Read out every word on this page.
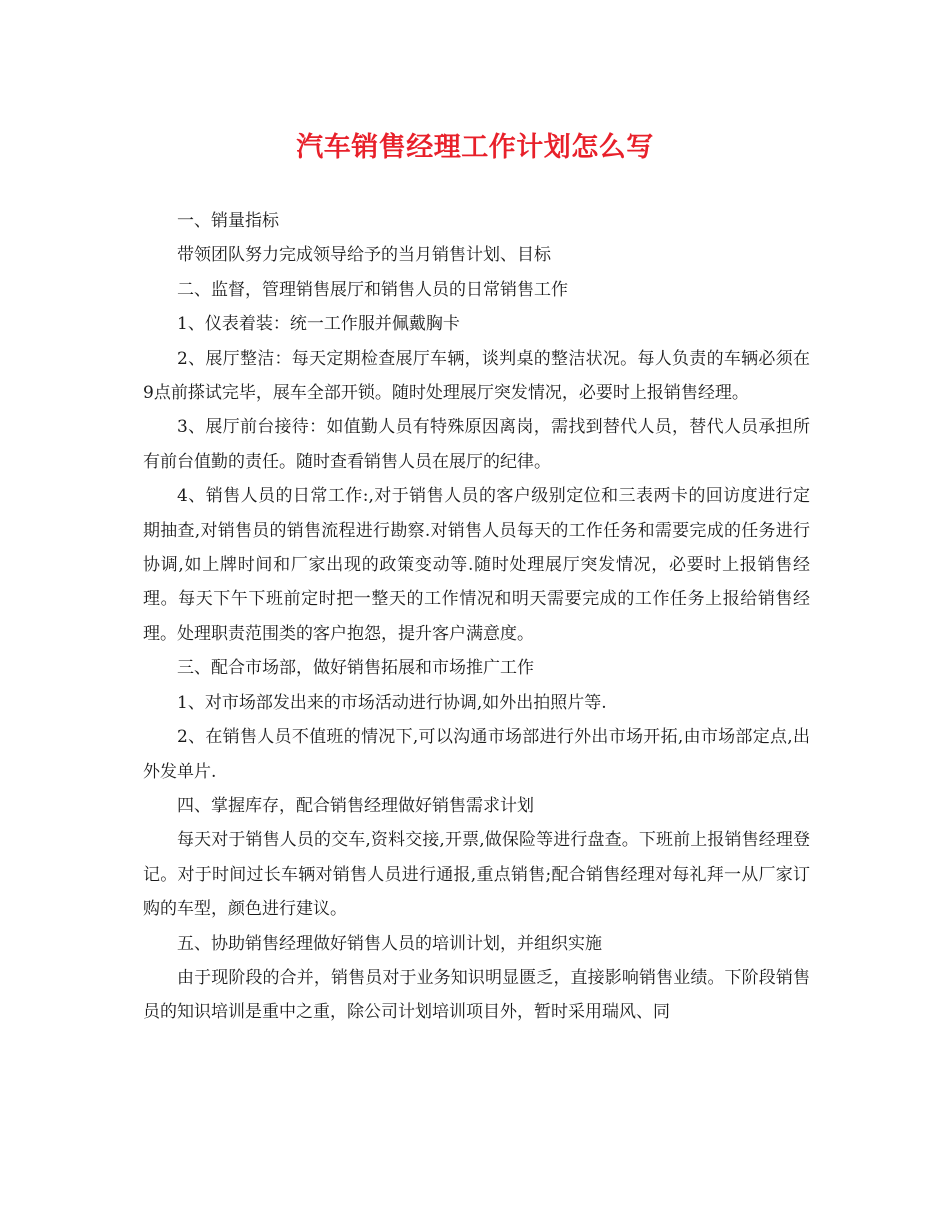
汽车销售经理工作计划怎么写

一、销量指标

带领团队努力完成领导给予的当月销售计划、目标

二、监督，管理销售展厅和销售人员的日常销售工作

1、仪表着装：统一工作服并佩戴胸卡

2、展厅整洁：每天定期检查展厅车辆，谈判桌的整洁状况。每人负责的车辆必须在9点前搽试完毕，展车全部开锁。随时处理展厅突发情况，必要时上报销售经理。

3、展厅前台接待：如值勤人员有特殊原因离岗，需找到替代人员，替代人员承担所有前台值勤的责任。随时查看销售人员在展厅的纪律。

4、销售人员的日常工作:,对于销售人员的客户级别定位和三表两卡的回访度进行定期抽查,对销售员的销售流程进行勘察.对销售人员每天的工作任务和需要完成的任务进行协调,如上牌时间和厂家出现的政策变动等.随时处理展厅突发情况，必要时上报销售经理。每天下午下班前定时把一整天的工作情况和明天需要完成的工作任务上报给销售经理。处理职责范围类的客户抱怨，提升客户满意度。

三、配合市场部，做好销售拓展和市场推广工作

1、对市场部发出来的市场活动进行协调,如外出拍照片等.

2、在销售人员不值班的情况下,可以沟通市场部进行外出市场开拓,由市场部定点,出外发单片.

四、掌握库存，配合销售经理做好销售需求计划

每天对于销售人员的交车,资料交接,开票,做保险等进行盘查。下班前上报销售经理登记。对于时间过长车辆对销售人员进行通报,重点销售;配合销售经理对每礼拜一从厂家订购的车型，颜色进行建议。

五、协助销售经理做好销售人员的培训计划，并组织实施

由于现阶段的合并，销售员对于业务知识明显匮乏，直接影响销售业绩。下阶段销售员的知识培训是重中之重，除公司计划培训项目外，暂时采用瑞风、同
